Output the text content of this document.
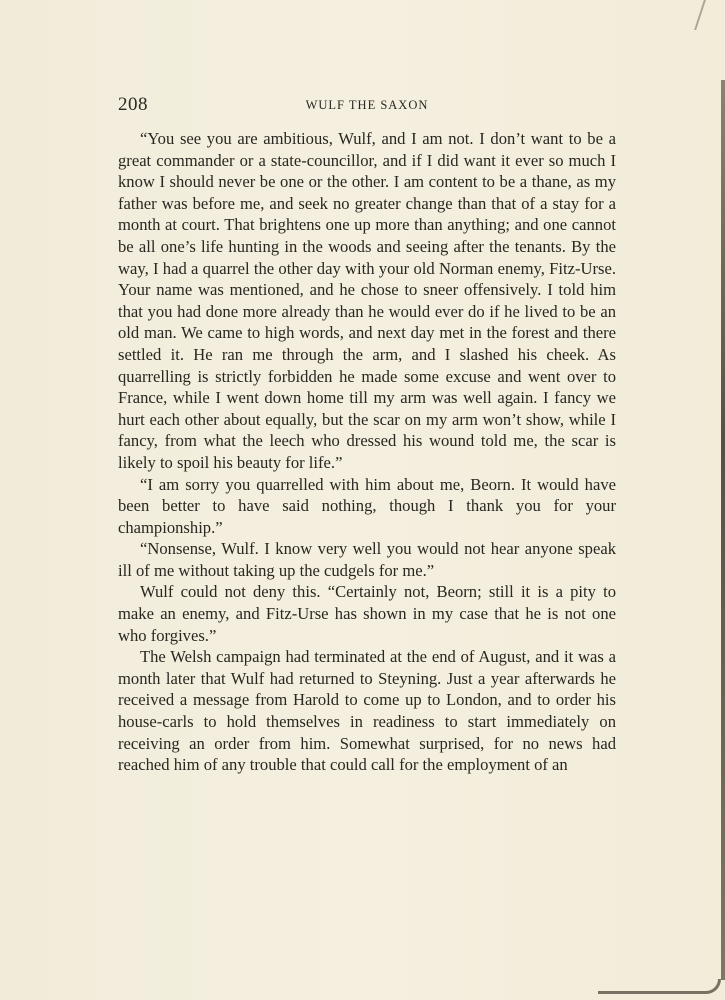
208	WULF THE SAXON

“You see you are ambitious, Wulf, and I am not. I don’t want to be a great commander or a state-councillor, and if I did want it ever so much I know I should never be one or the other. I am content to be a thane, as my father was before me, and seek no greater change than that of a stay for a month at court. That brightens one up more than anything; and one cannot be all one’s life hunting in the woods and seeing after the tenants. By the way, I had a quarrel the other day with your old Norman enemy, Fitz-Urse. Your name was mentioned, and he chose to sneer offensively. I told him that you had done more already than he would ever do if he lived to be an old man. We came to high words, and next day met in the forest and there settled it. He ran me through the arm, and I slashed his cheek. As quarrelling is strictly forbidden he made some excuse and went over to France, while I went down home till my arm was well again. I fancy we hurt each other about equally, but the scar on my arm won’t show, while I fancy, from what the leech who dressed his wound told me, the scar is likely to spoil his beauty for life.”

“I am sorry you quarrelled with him about me, Beorn. It would have been better to have said nothing, though I thank you for your championship.”

“Nonsense, Wulf. I know very well you would not hear anyone speak ill of me without taking up the cudgels for me.”

Wulf could not deny this. “Certainly not, Beorn; still it is a pity to make an enemy, and Fitz-Urse has shown in my case that he is not one who forgives.”

The Welsh campaign had terminated at the end of August, and it was a month later that Wulf had returned to Steyning. Just a year afterwards he received a message from Harold to come up to London, and to order his house-carls to hold themselves in readiness to start immediately on receiving an order from him. Somewhat surprised, for no news had reached him of any trouble that could call for the employment of an
